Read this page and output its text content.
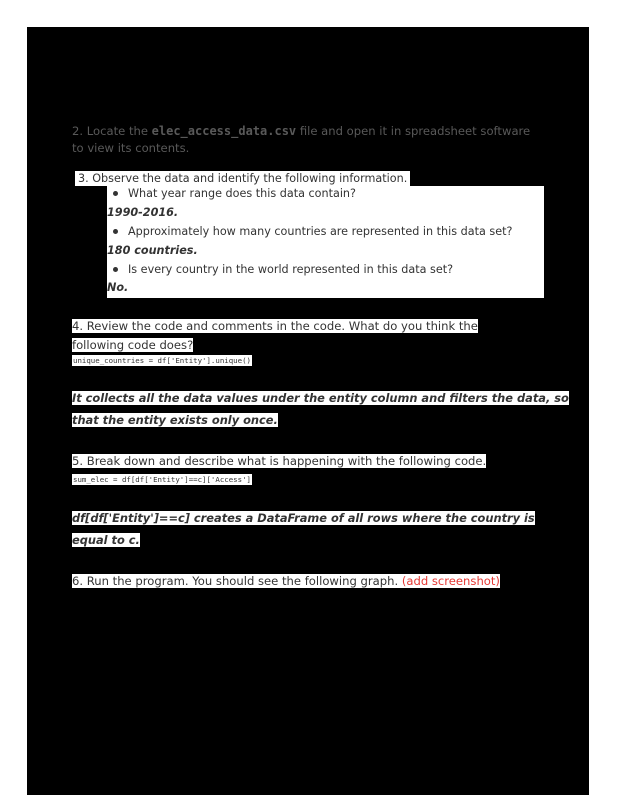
2. Locate the elec_access_data.csv file and open it in spreadsheet software to view its contents.
3. Observe the data and identify the following information.
What year range does this data contain?
1990-2016.
Approximately how many countries are represented in this data set?
180 countries.
Is every country in the world represented in this data set?
No.
4. Review the code and comments in the code. What do you think the
following code does?
unique_countries = df['Entity'].unique()
It collects all the data values under the entity column and filters the data, so
that the entity exists only once.
5. Break down and describe what is happening with the following code.
sum_elec = df[df['Entity']==c]['Access']
df[df['Entity']==c] creates a DataFrame of all rows where the country is
equal to c.
6. Run the program. You should see the following graph. (add screenshot)
